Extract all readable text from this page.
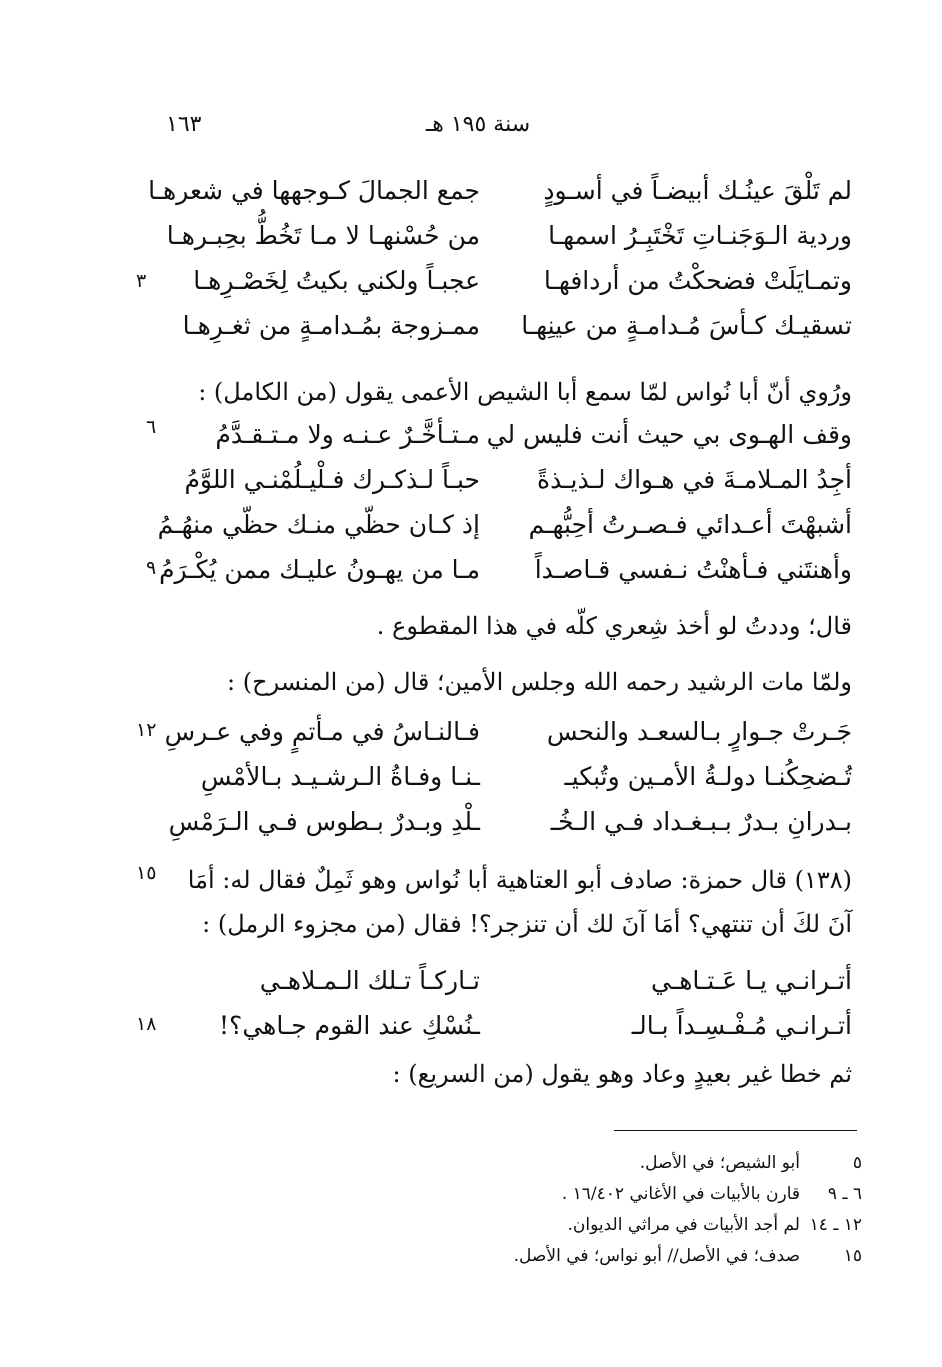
١٦٣	سنة ١٩٥ هـ
لم تَلْقَ عينُـك أبيضـاً في أسـودٍ
جمع الجمالَ كـوجهها في شعرهـا
وردية الـوَجَنـاتِ تَخْتَبِـرُ اسمهـا
من حُسْنهـا لا مـا تَخُطُّ بحِبـرهـا
وتمـايَلَتْ فضحكْتُ من أردافهـا
عجبـاً ولكني بكيتُ لِخَصْـرِهـا
٣
تسقيـك كـأسَ مُـدامـةٍ من عينِهـا
ممـزوجة بمُـدامـةٍ من ثغـرِهـا
ورُوي أنّ أبا نُواس لمّا سمع أبا الشيص الأعمى يقول (من الكامل) :
وقف الهـوى بي حيث أنت فليس لي
مـتـأخَّـرٌ عـنـه ولا مـتـقـدَّمُ
٦
أجِدُ المـلامـةَ في هـواك لـذيـذةً
حبـاً لـذكـرك فـلْيـلُمْنـي اللوَّمُ
أشبهْتَ أعـدائي فـصـرتُ أحِبُّهـم
إذ كـان حظّي منـك حظّي منهُـمُ
وأهنتَني فـأهنْتُ نـفسي قـاصـداً
مـا من يهـونُ عليـك ممن يُكْـرَمُ
٩
قال؛ وددتُ لو أخذ شِعري كلّه في هذا المقطوع .
ولمّا مات الرشيد رحمه الله وجلس الأمين؛ قال (من المنسرح) :
جَـرتْ جـوارٍ بـالسعـد والنحس
فـالنـاسُ في مـأتمٍ وفي عـرسِ
١٢
تُـضحِكُنـا دولـةُ الأمـين وتُبكيـ
ـنـا وفـاةُ الـرشـيـد بـالأمْسِ
بـدرانِ بـدرٌ بـبـغـداد فـي الـخُـ
ـلْدِ وبـدرٌ بـطوس فـي الـرَمْسِ
(١٣٨) قال حمزة: صادف أبو العتاهية أبا نُواس وهو ثَمِلٌ فقال له: أمَا
١٥
آنَ لكَ أن تنتهي؟ أمَا آنَ لك أن تنزجر؟! فقال (من مجزوء الرمل) :
أتـرانـي يـا عَـتـاهـي
تـاركـاً تـلك الـمـلاهـي
أتـرانـي مُـفْـسِـداً بـالـ
ـنُسْكِ عند القوم جـاهي؟!
١٨
ثم خطا غير بعيدٍ وعاد وهو يقول (من السريع) :
٥
أبو الشيص؛ في الأصل.
٦ ـ ٩
قارن بالأبيات في الأغاني ١٦/٤٠٢ .
١٢ ـ ١٤
لم أجد الأبيات في مراثي الديوان.
١٥
صدف؛ في الأصل// أبو نواس؛ في الأصل.
